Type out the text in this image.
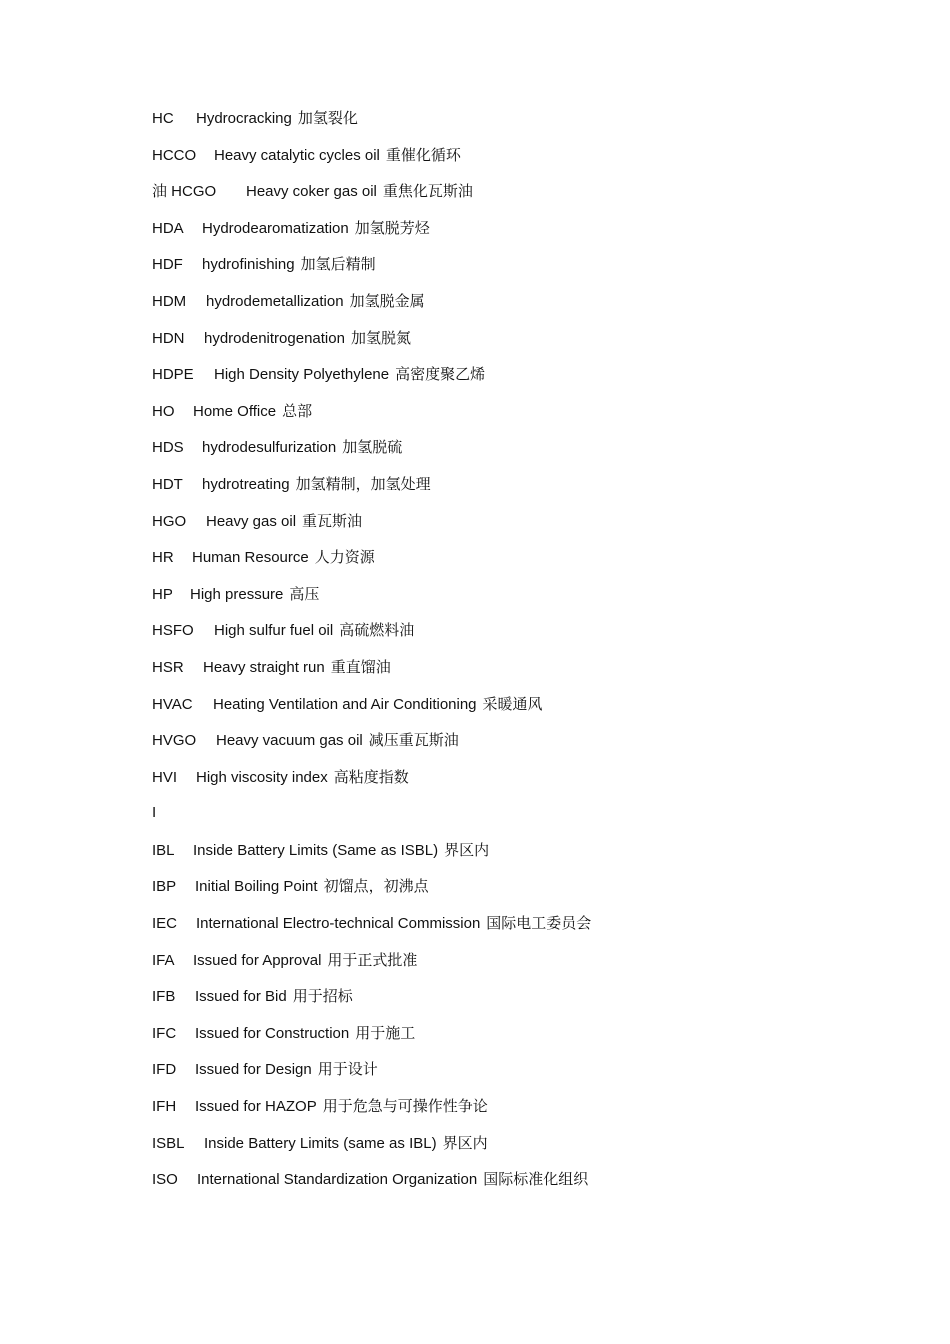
HC Hydrocracking 加氢裂化
HCCO Heavy catalytic cycles oil 重催化循环
油 HCGO Heavy coker gas oil 重焦化瓦斯油
HDA Hydrodearomatization 加氢脱芳烃
HDF hydrofinishing 加氢后精制
HDM hydrodemetallization 加氢脱金属
HDN hydrodenitrogenation 加氢脱氮
HDPE High Density Polyethylene 高密度聚乙烯
HO Home Office 总部
HDS hydrodesulfurization 加氢脱硫
HDT hydrotreating 加氢精制，加氢处理
HGO Heavy gas oil 重瓦斯油
HR Human Resource 人力资源
HP High pressure 高压
HSFO High sulfur fuel oil 高硫燃料油
HSR Heavy straight run 重直馏油
HVAC Heating Ventilation and Air Conditioning 采暖通风
HVGO Heavy vacuum gas oil 减压重瓦斯油
HVI High viscosity index 高粘度指数
I
IBL Inside Battery Limits (Same as ISBL) 界区内
IBP Initial Boiling Point 初馏点，初沸点
IEC International Electro-technical Commission 国际电工委员会
IFA Issued for Approval 用于正式批准
IFB Issued for Bid 用于招标
IFC Issued for Construction 用于施工
IFD Issued for Design 用于设计
IFH Issued for HAZOP 用于危急与可操作性争论
ISBL Inside Battery Limits (same as IBL) 界区内
ISO International Standardization Organization 国际标准化组织
